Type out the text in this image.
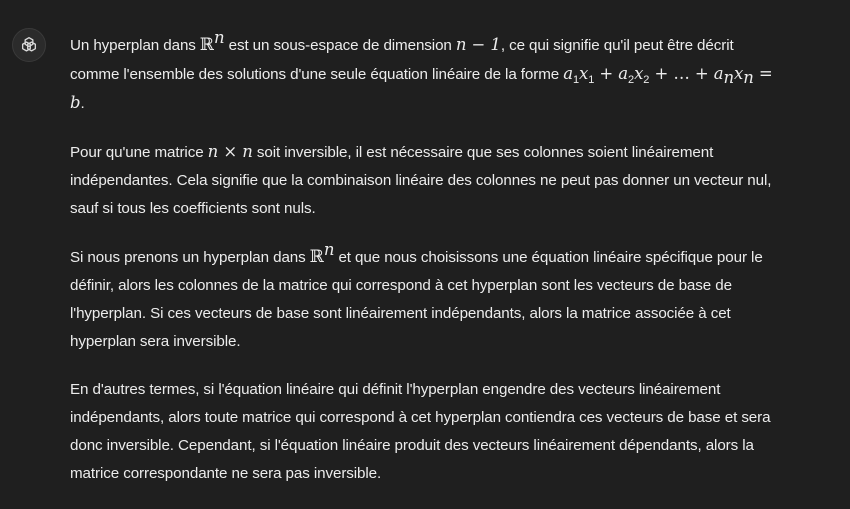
Un hyperplan dans ℝ$^n$ est un sous-espace de dimension n − 1, ce qui signifie qu'il peut être décrit comme l'ensemble des solutions d'une seule équation linéaire de la forme $a_1x_1 + a_2x_2$ + … + $a_nx_n = b$.

Pour qu'une matrice n × n soit inversible, il est nécessaire que ses colonnes soient linéairement indépendantes. Cela signifie que la combinaison linéaire des colonnes ne peut pas donner un vecteur nul, sauf si tous les coefficients sont nuls.

Si nous prenons un hyperplan dans ℝ$^n$ et que nous choisissons une équation linéaire spécifique pour le définir, alors les colonnes de la matrice qui correspond à cet hyperplan sont les vecteurs de base de l'hyperplan. Si ces vecteurs de base sont linéairement indépendants, alors la matrice associée à cet hyperplan sera inversible.

En d'autres termes, si l'équation linéaire qui définit l'hyperplan engendre des vecteurs linéairement indépendants, alors toute matrice qui correspond à cet hyperplan contiendra ces vecteurs de base et sera donc inversible. Cependant, si l'équation linéaire produit des vecteurs linéairement dépendants, alors la matrice correspondante ne sera pas inversible.
